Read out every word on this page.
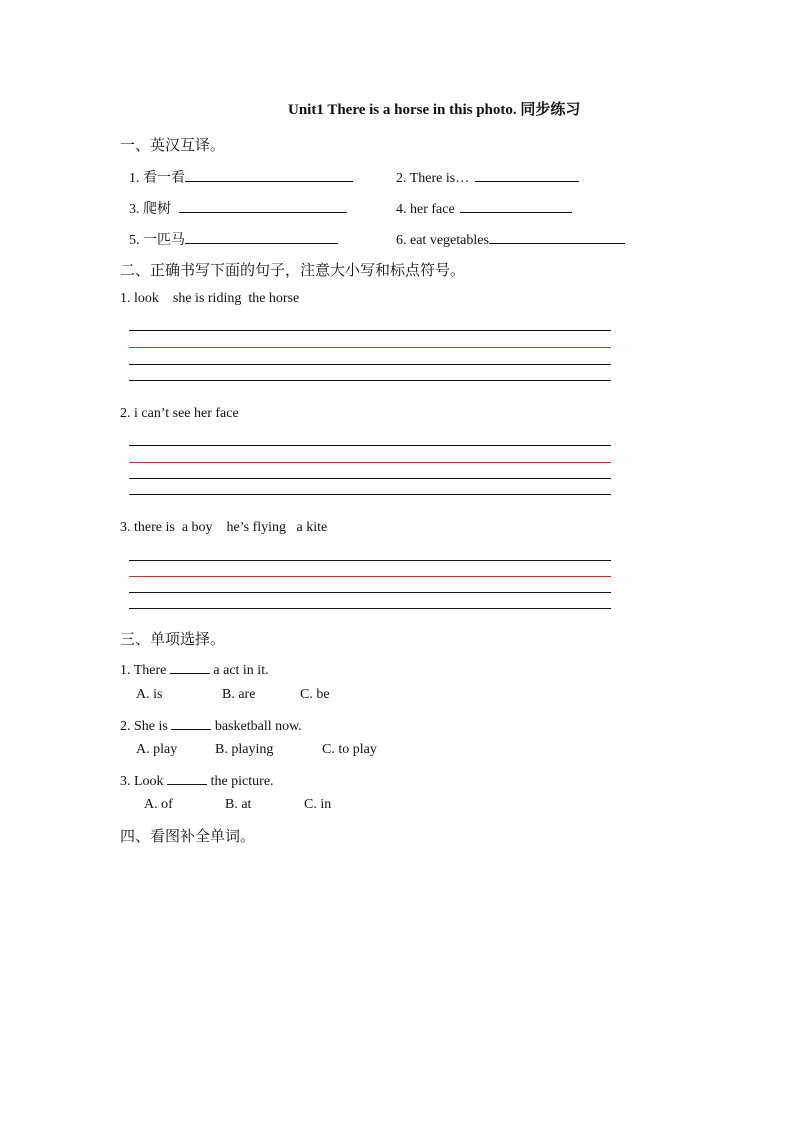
Unit1 There is a horse in this photo. 同步练习
一、英汉互译。
1. 看一看	2. There is…
3. 爬树	4. her face
5. 一匹马	6. eat vegetables
二、正确书写下面的句子，注意大小写和标点符号。
1. look    she is riding  the horse
2. i can’t see her face
3. there is  a boy    he’s flying   a kite
三、单项选择。
1. There	a act in it.
A. is	B. are	C. be
2. She is	basketball now.
A. play	B. playing	C. to play
3. Look	the picture.
A. of	B. at	C. in
四、看图补全单词。
